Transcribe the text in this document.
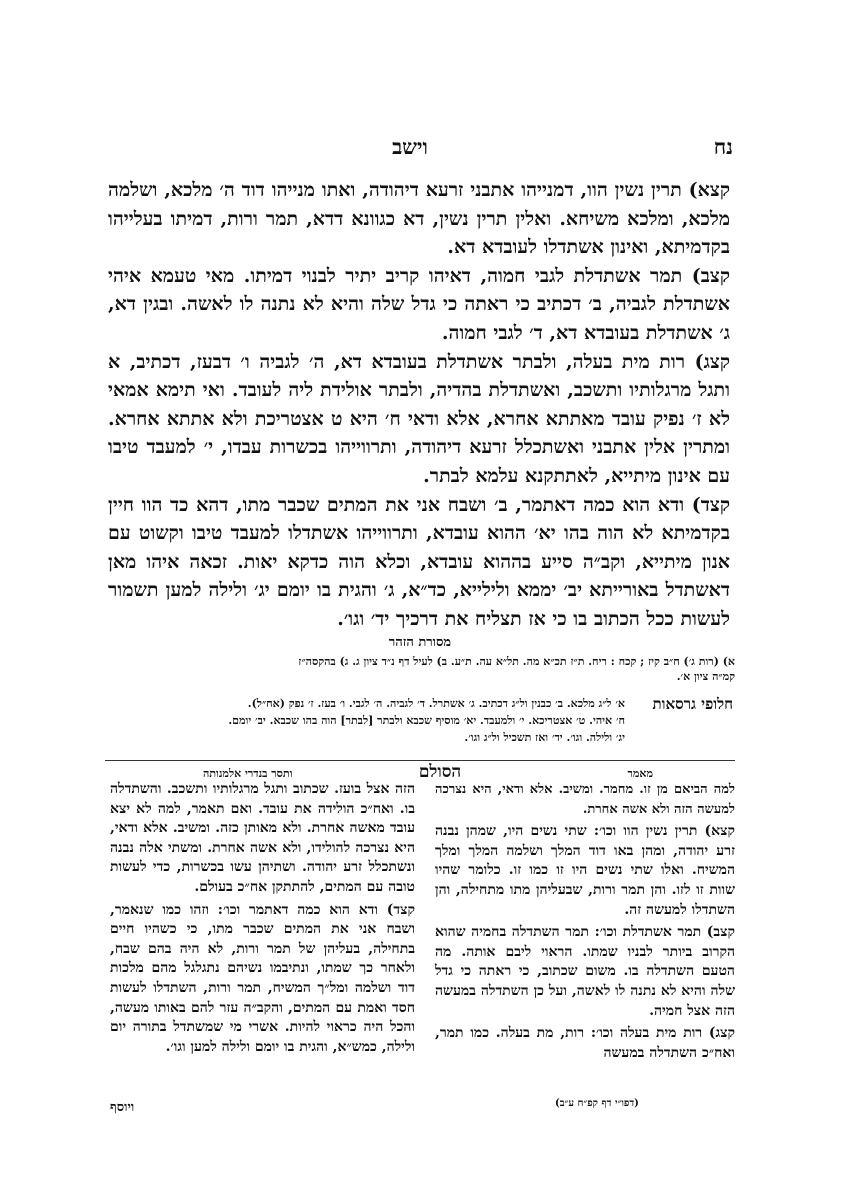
נח
וישב

קצא) תרין נשין הוו, דמנייהו אתבני זרעא דיהודה, ואתו מנייהו דוד ה׳ מלכא, ושלמה מלכא, ומלכא משיחא. ואלין תרין נשין, דא כגוונא דדא, תמר ורות, דמיתו בעלייהו בקדמיתא, ואינון אשתדלו לעובדא דא.

קצב) תמר אשתדלת לגבי חמוה, דאיהו קריב יתיר לבנוי דמיתו. מאי טעמא איהי אשתדלת לגביה, ב׳ דכתיב כי ראתה כי גדל שלה והיא לא נתנה לו לאשה. ובגין דא, ג׳ אשתדלת בעובדא דא, ד׳ לגבי חמוה.

קצג) רות מית בעלה, ולבתר אשתדלת בעובדא דא, ה׳ לגביה ו׳ דבעז, דכתיב, א ותגל מרגלותיו ותשכב, ואשתדלת בהדיה, ולבתר אולידת ליה לעובד. ואי תימא אמאי לא ז׳ נפיק עובד מאתתא אחרא, אלא ודאי ח׳ היא ט אצטריכת ולא אתתא אחרא. ומתרין אלין אתבני ואשתכלל זרעא דיהודה, ותרווייהו בכשרות עבדו, י׳ למעבד טיבו עם אינון מיתייא, לאתתקנא עלמא לבתר.

קצד) ודא הוא כמה דאתמר, ב׳ ושבח אני את המתים שכבר מתו, דהא כד הוו חיין בקדמיתא לא הוה בהו יא׳ ההוא עובדא, ותרווייהו אשתדלו למעבד טיבו וקשוט עם אנון מיתייא, וקב״ה סייע בההוא עובדא, וכלא הוה כדקא יאות. זכאה איהו מאן דאשתדל באורייתא יב׳ יממא ולילייא, כד״א, ג׳ והגית בו יומם יג׳ ולילה למען תשמור לעשות ככל הכתוב בו כי אז תצליח את דרכיך יד׳ וגו׳.

מסורת הזהר
א) (רות ג׳) ח״ב קיז ; קכח : ריח. ת״ז תכ״א מה. תל״א עה. ת״ע. ב) לעיל דף נ״ד ציון ג. ג) בהקסה״ז
קמ״ה ציון א׳.
חלופי גרסאות
א׳ ל״ג מלכא. ב׳ כבנין ול״ג דכתיב. ג׳ אשתרל. ד׳ לגביה. ה׳ לגבי. ו׳ בעז. ז׳ נפק (אח״ל).
ח׳ איהי. ט׳ אצטריכא. י׳ ולמעבד. יא׳ מוסיף שכבא ולבתר [לבתר] הוה בהו שכבא. יב׳ יומם.
יג׳ ולילה. וגו׳. יד׳ ואז תשכיל ול״ג וגו׳.
מאמר
הסולם
ותסר בנדרי אלמנותה

למה הביאם מן זו. מחמר. ומשיב. אלא ודאי, היא נצרכה למעשה הזה ולא אשה אחרת.

קצא) תרין נשין הוו וכו׳: שתי נשים היו, שמהן נבנה זרע יהודה, ומהן באו דוד המלך ושלמה המלך ומלך המשיח. ואלו שתי נשים היו זו כמו זו. כלומר שהיו שוות זו לזו. והן תמר ורות, שבעליהן מתו מתחילה, והן השתדלו למעשה זה.

קצב) תמר אשתדלת וכו׳: תמר השתדלה בחמיה שהוא הקרוב ביותר לבניו שמתו. הראוי ליבם אותה. מה הטעם השתדלה בו. משום שכתוב, כי ראתה כי גדל שלה והיא לא נתנה לו לאשה, ועל כן השתדלה במעשה הזה אצל חמיה.

קצג) רות מית בעלה וכו׳: רות, מת בעלה. כמו תמר, ואח״כ השתדלה במעשה

הזה אצל בועז. שכתוב ותגל מרגלותיו ותשכב. והשתדלה בו. ואח״כ הולידה את עובד. ואם תאמר, למה לא יצא עובד מאשה אחרת. ולא מאותן כזה. ומשיב. אלא ודאי, היא נצרכה להולידו, ולא אשה אחרת. ומשתי אלה נבנה ונשתכלל זרע יהודה. ושתיהן עשו בכשרות, כדי לעשות טובה עם המתים, להתתקן אח״כ בעולם.

קצד) ודא הוא כמה דאתמר וכו׳: וזהו כמו שנאמר, ושבח אני את המתים שכבר מתו, כי כשהיו חיים בתחילה, בעליהן של תמר ורות, לא היה בהם שבח, ולאחר כך שמתו, ונתיבמו נשיהם נתגלגל מהם מלכות דוד ושלמה ומל״ך המשיח, תמר ורות, השתדלו לעשות חסד ואמת עם המתים, והקב״ה עזר להם באותו מעשה, והכל היה כראוי להיות. אשרי מי שמשתדל בתורה יום ולילה, כמש״א, והגית בו יומם ולילה למען וגו׳.

ויוסף	(דפו״י דף קפ״ח ע״ב)
